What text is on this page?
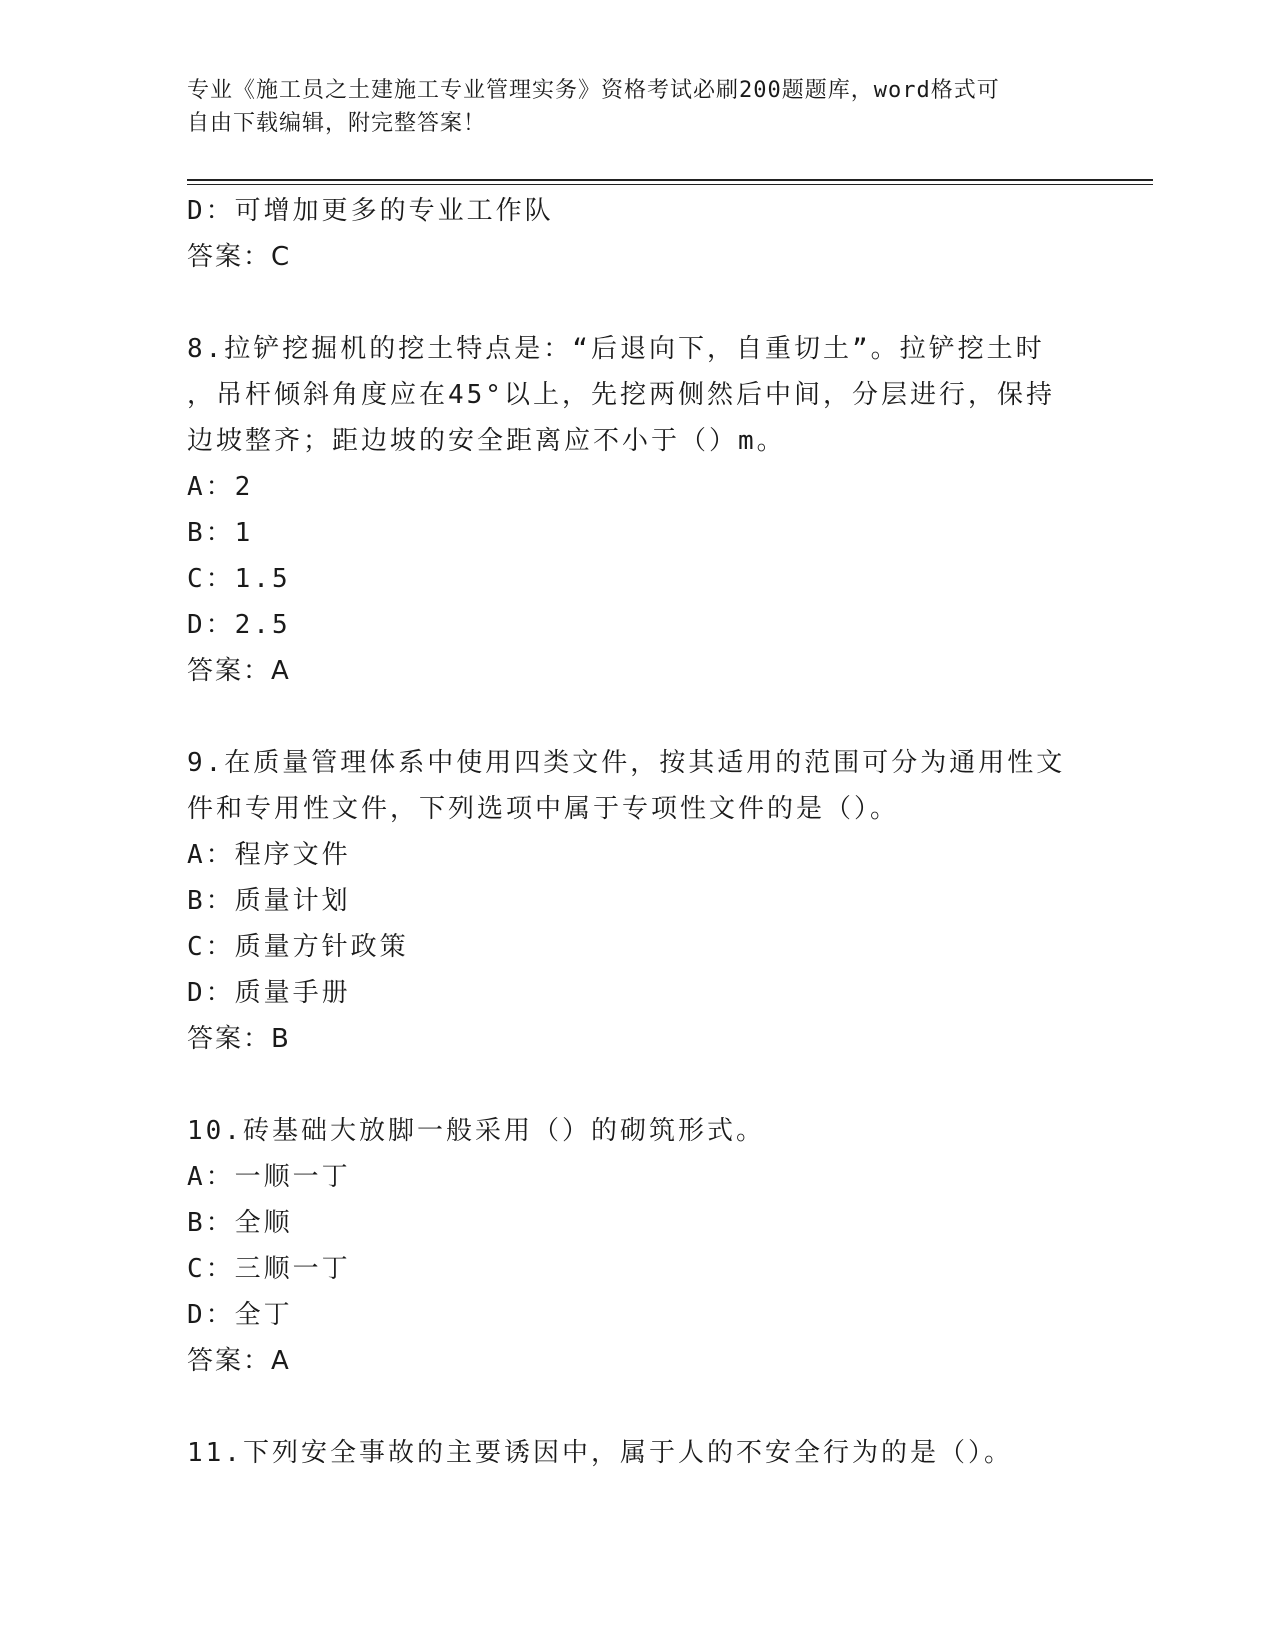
专业《施工员之土建施工专业管理实务》资格考试必刷200题题库，word格式可
自由下载编辑，附完整答案！
D：可增加更多的专业工作队
答案：C
8.拉铲挖掘机的挖土特点是：“后退向下，自重切土”。拉铲挖土时
，吊杆倾斜角度应在45°以上，先挖两侧然后中间，分层进行，保持
边坡整齐；距边坡的安全距离应不小于（）m。
A：2
B：1
C：1.5
D：2.5
答案：A
9.在质量管理体系中使用四类文件，按其适用的范围可分为通用性文
件和专用性文件，下列选项中属于专项性文件的是（）。
A：程序文件
B：质量计划
C：质量方针政策
D：质量手册
答案：B
10.砖基础大放脚一般采用（）的砌筑形式。
A：一顺一丁
B：全顺
C：三顺一丁
D：全丁
答案：A
11.下列安全事故的主要诱因中，属于人的不安全行为的是（）。
